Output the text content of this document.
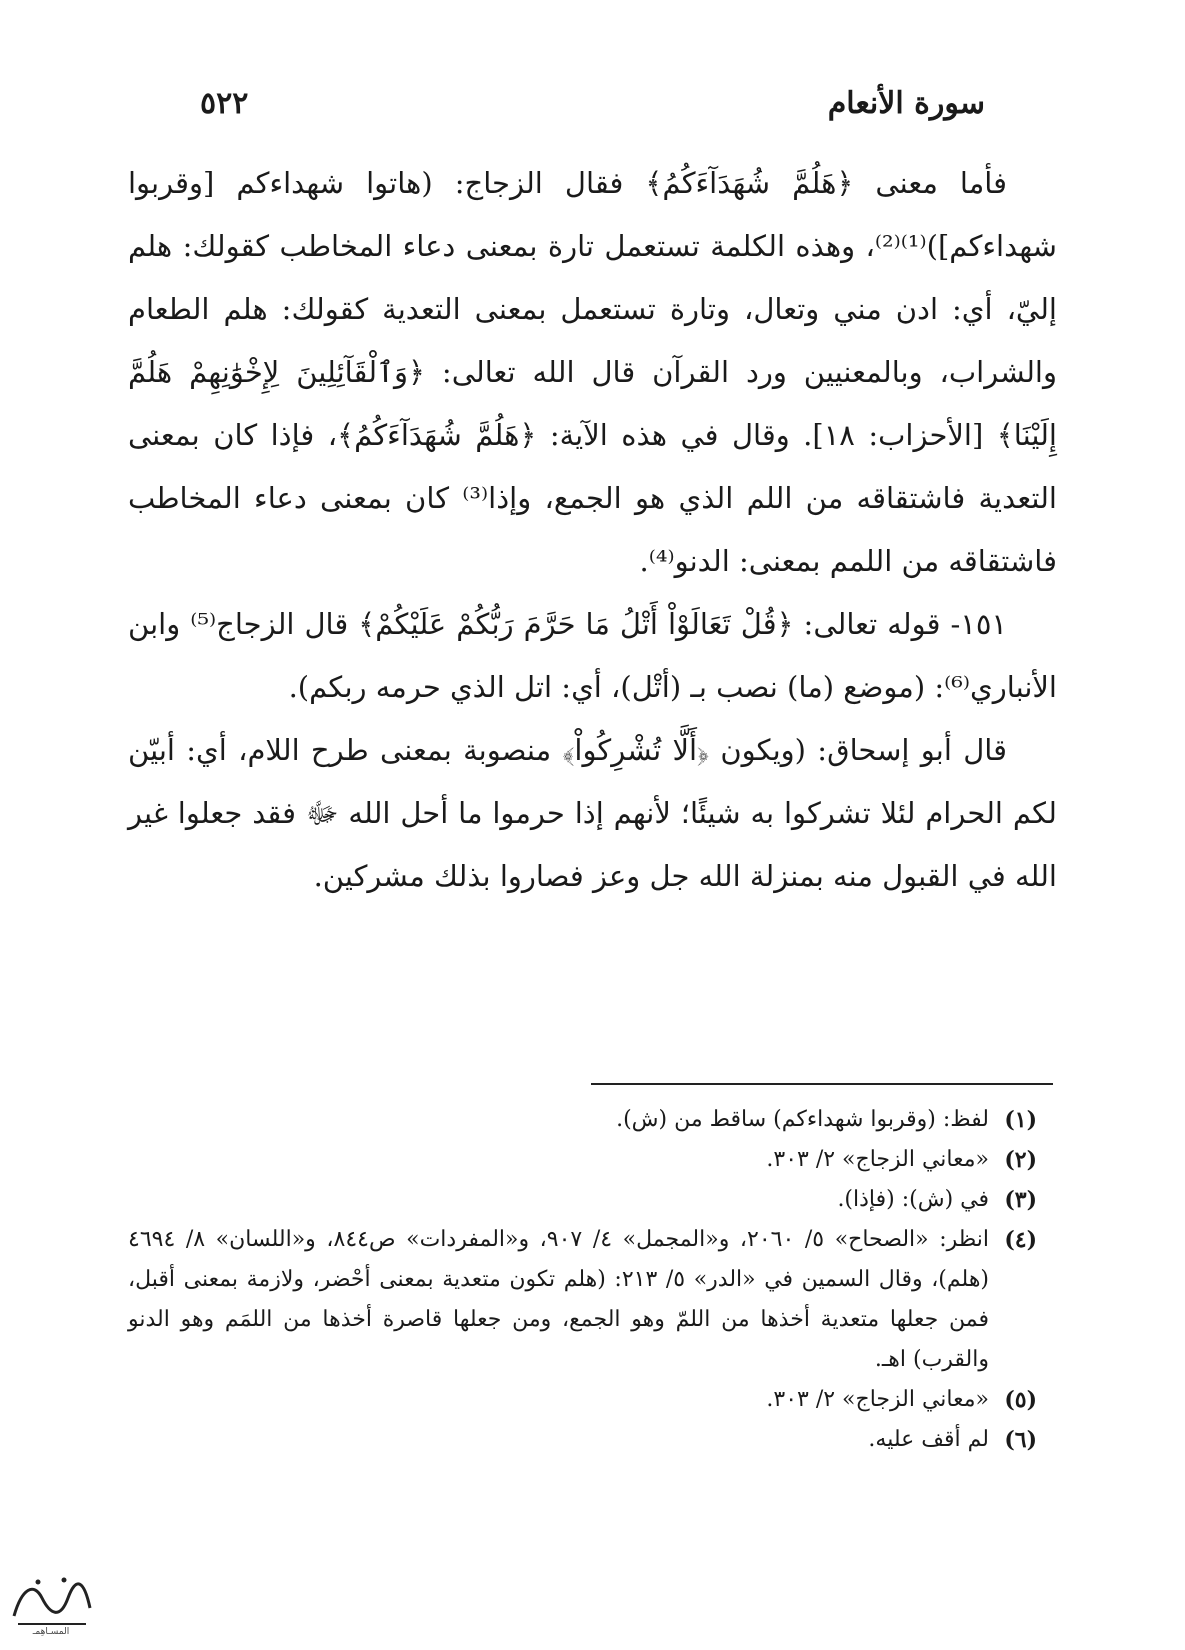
سورة الأنعام
٥٢٢

فأما معنى ﴿هَلُمَّ شُهَدَآءَكُمُ﴾ فقال الزجاج: (هاتوا شهداءكم [وقربوا شهداءكم])⁽¹⁾⁽²⁾، وهذه الكلمة تستعمل تارة بمعنى دعاء المخاطب كقولك: هلم إليّ، أي: ادن مني وتعال، وتارة تستعمل بمعنى التعدية كقولك: هلم الطعام والشراب، وبالمعنيين ورد القرآن قال الله تعالى: ﴿وَٱلْقَآئِلِينَ لِإِخْوَٰنِهِمْ هَلُمَّ إِلَيْنَا﴾ [الأحزاب: ١٨]. وقال في هذه الآية: ﴿هَلُمَّ شُهَدَآءَكُمُ﴾، فإذا كان بمعنى التعدية فاشتقاقه من اللم الذي هو الجمع، وإذا⁽³⁾ كان بمعنى دعاء المخاطب فاشتقاقه من اللمم بمعنى: الدنو⁽⁴⁾.

١٥١- قوله تعالى: ﴿قُلْ تَعَالَوْاْ أَتْلُ مَا حَرَّمَ رَبُّكُمْ عَلَيْكُمْ﴾ قال الزجاج⁽⁵⁾ وابن الأنباري⁽⁶⁾: (موضع (ما) نصب بـ (أتْل)، أي: اتل الذي حرمه ربكم).

قال أبو إسحاق: (ويكون ﴿أَلَّا تُشْرِكُواْ﴾ منصوبة بمعنى طرح اللام، أي: أبيّن لكم الحرام لئلا تشركوا به شيئًا؛ لأنهم إذا حرموا ما أحل الله ﷻ فقد جعلوا غير الله في القبول منه بمنزلة الله جل وعز فصاروا بذلك مشركين.

(١)
لفظ: (وقربوا شهداءكم) ساقط من (ش).
(٢)
«معاني الزجاج» ٢/ ٣٠٣.
(٣)
في (ش): (فإذا).
(٤)
انظر: «الصحاح» ٥/ ٢٠٦٠، و«المجمل» ٤/ ٩٠٧، و«المفردات» ص٨٤٤، و«اللسان» ٨/ ٤٦٩٤ (هلم)، وقال السمين في «الدر» ٥/ ٢١٣: (هلم تكون متعدية بمعنى أحْضر، ولازمة بمعنى أقبل، فمن جعلها متعدية أخذها من اللمّ وهو الجمع، ومن جعلها قاصرة أخذها من اللمَم وهو الدنو والقرب) اهـ.
(٥)
«معاني الزجاج» ٢/ ٣٠٣.
(٦)
لم أقف عليه.
المسـاهِمـ
